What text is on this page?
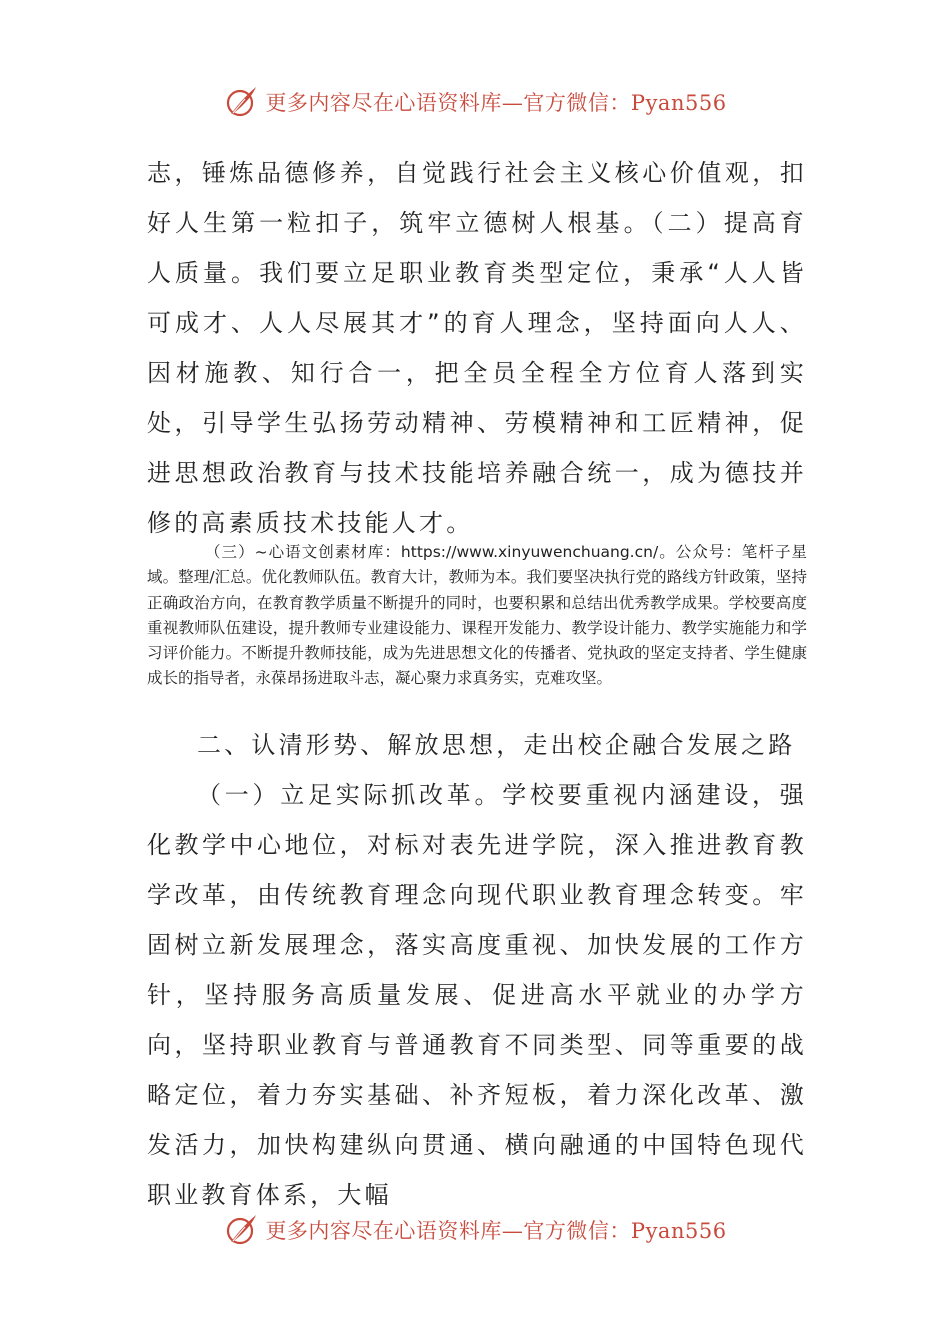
更多内容尽在心语资料库—官方微信：Pyan556

志，锤炼品德修养，自觉践行社会主义核心价值观，扣好人生第一粒扣子，筑牢立德树人根基。（二）提高育人质量。我们要立足职业教育类型定位，秉承“人人皆可成才、人人尽展其才”的育人理念，坚持面向人人、因材施教、知行合一，把全员全程全方位育人落到实处，引导学生弘扬劳动精神、劳模精神和工匠精神，促进思想政治教育与技术技能培养融合统一，成为德技并修的高素质技术技能人才。

（三）~心语文创素材库：https://www.xinyuwenchuang.cn/。公众号：笔杆子星域。整理/汇总。优化教师队伍。教育大计，教师为本。我们要坚决执行党的路线方针政策，坚持正确政治方向，在教育教学质量不断提升的同时，也要积累和总结出优秀教学成果。学校要高度重视教师队伍建设，提升教师专业建设能力、课程开发能力、教学设计能力、教学实施能力和学习评价能力。不断提升教师技能，成为先进思想文化的传播者、党执政的坚定支持者、学生健康成长的指导者，永葆昂扬进取斗志，凝心聚力求真务实，克难攻坚。

二、认清形势、解放思想，走出校企融合发展之路

（一）立足实际抓改革。学校要重视内涵建设，强化教学中心地位，对标对表先进学院，深入推进教育教学改革，由传统教育理念向现代职业教育理念转变。牢固树立新发展理念，落实高度重视、加快发展的工作方针，坚持服务高质量发展、促进高水平就业的办学方向，坚持职业教育与普通教育不同类型、同等重要的战略定位，着力夯实基础、补齐短板，着力深化改革、激发活力，加快构建纵向贯通、横向融通的中国特色现代职业教育体系，大幅

更多内容尽在心语资料库—官方微信：Pyan556
